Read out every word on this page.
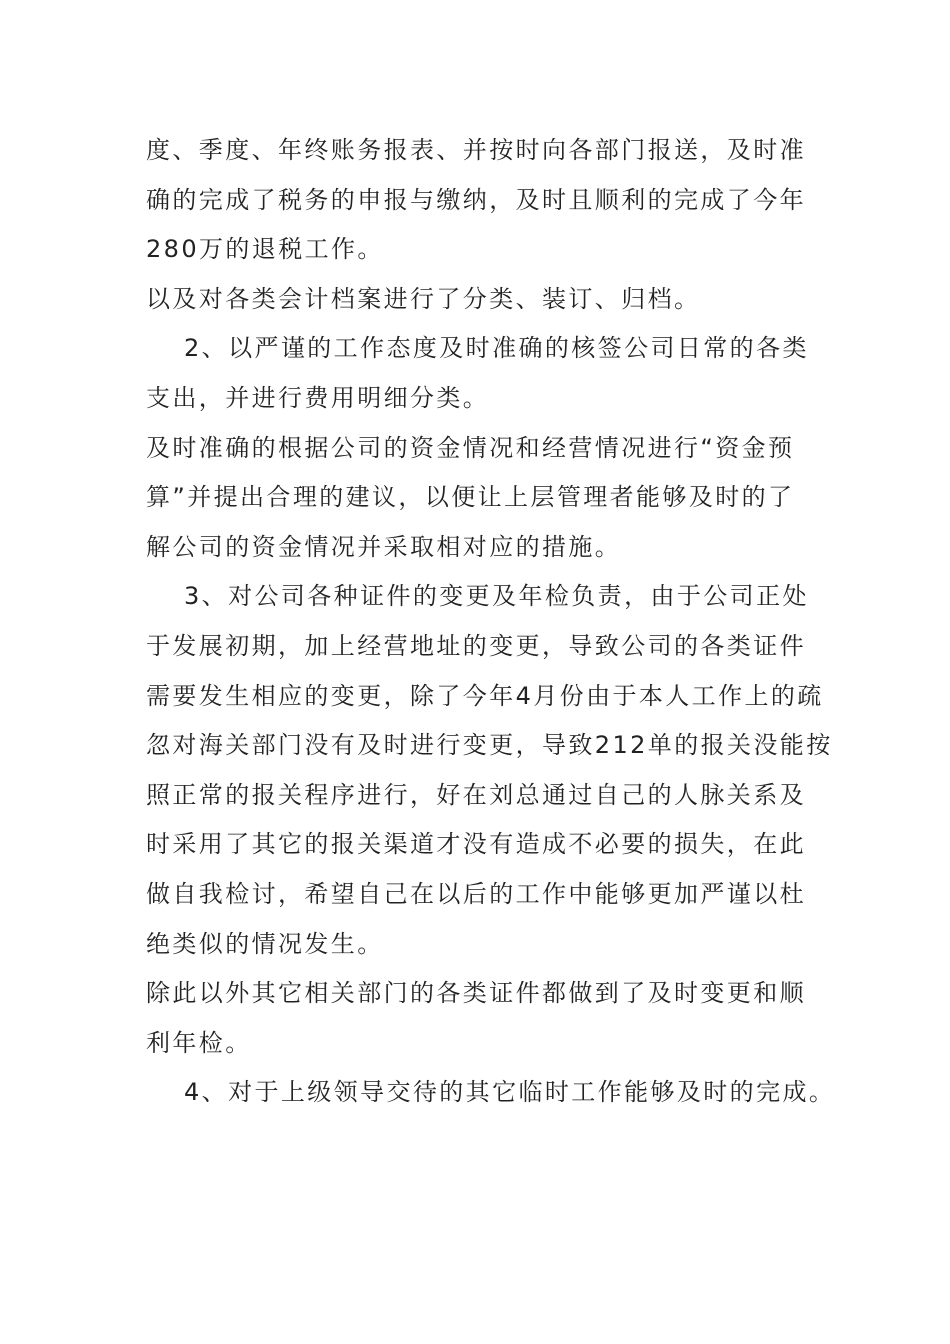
度、季度、年终账务报表、并按时向各部门报送，及时准
确的完成了税务的申报与缴纳，及时且顺利的完成了今年
280万的退税工作。
以及对各类会计档案进行了分类、装订、归档。
2、以严谨的工作态度及时准确的核签公司日常的各类
支出，并进行费用明细分类。
及时准确的根据公司的资金情况和经营情况进行“资金预
算”并提出合理的建议，以便让上层管理者能够及时的了
解公司的资金情况并采取相对应的措施。
3、对公司各种证件的变更及年检负责，由于公司正处
于发展初期，加上经营地址的变更，导致公司的各类证件
需要发生相应的变更，除了今年4月份由于本人工作上的疏
忽对海关部门没有及时进行变更，导致212单的报关没能按
照正常的报关程序进行，好在刘总通过自己的人脉关系及
时采用了其它的报关渠道才没有造成不必要的损失，在此
做自我检讨，希望自己在以后的工作中能够更加严谨以杜
绝类似的情况发生。
除此以外其它相关部门的各类证件都做到了及时变更和顺
利年检。
4、对于上级领导交待的其它临时工作能够及时的完成。
